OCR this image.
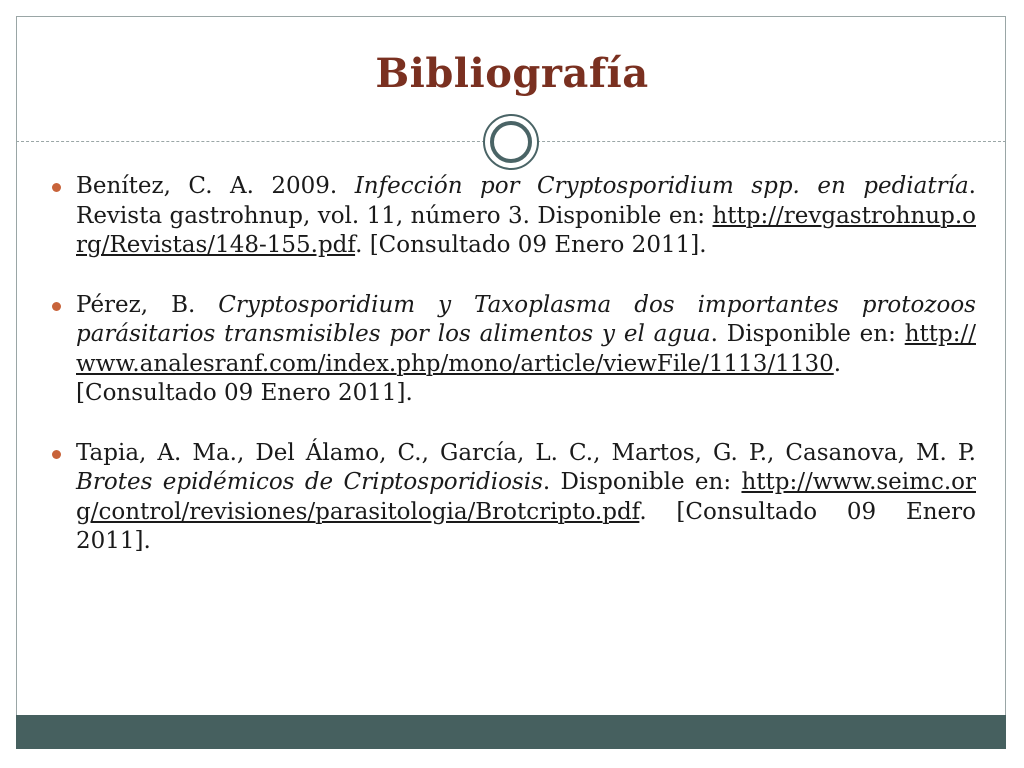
Bibliografía
Benítez, C. A. 2009. Infección por Cryptosporidium spp. en pediatría. Revista gastrohnup, vol. 11, número 3. Disponible en: http://revgastrohnup.org/Revistas/148-155.pdf. [Consultado 09 Enero 2011].
Pérez, B. Cryptosporidium y Taxoplasma dos importantes protozoos parásitarios transmisibles por los alimentos y el agua. Disponible en: http://www.analesranf.com/index.php/mono/article/viewFile/1113/1130. [Consultado 09 Enero 2011].
Tapia, A. Ma., Del Álamo, C., García, L. C., Martos, G. P., Casanova, M. P. Brotes epidémicos de Criptosporidiosis. Disponible en: http://www.seimc.org/control/revisiones/parasitologia/Brotcripto.pdf. [Consultado 09 Enero 2011].
